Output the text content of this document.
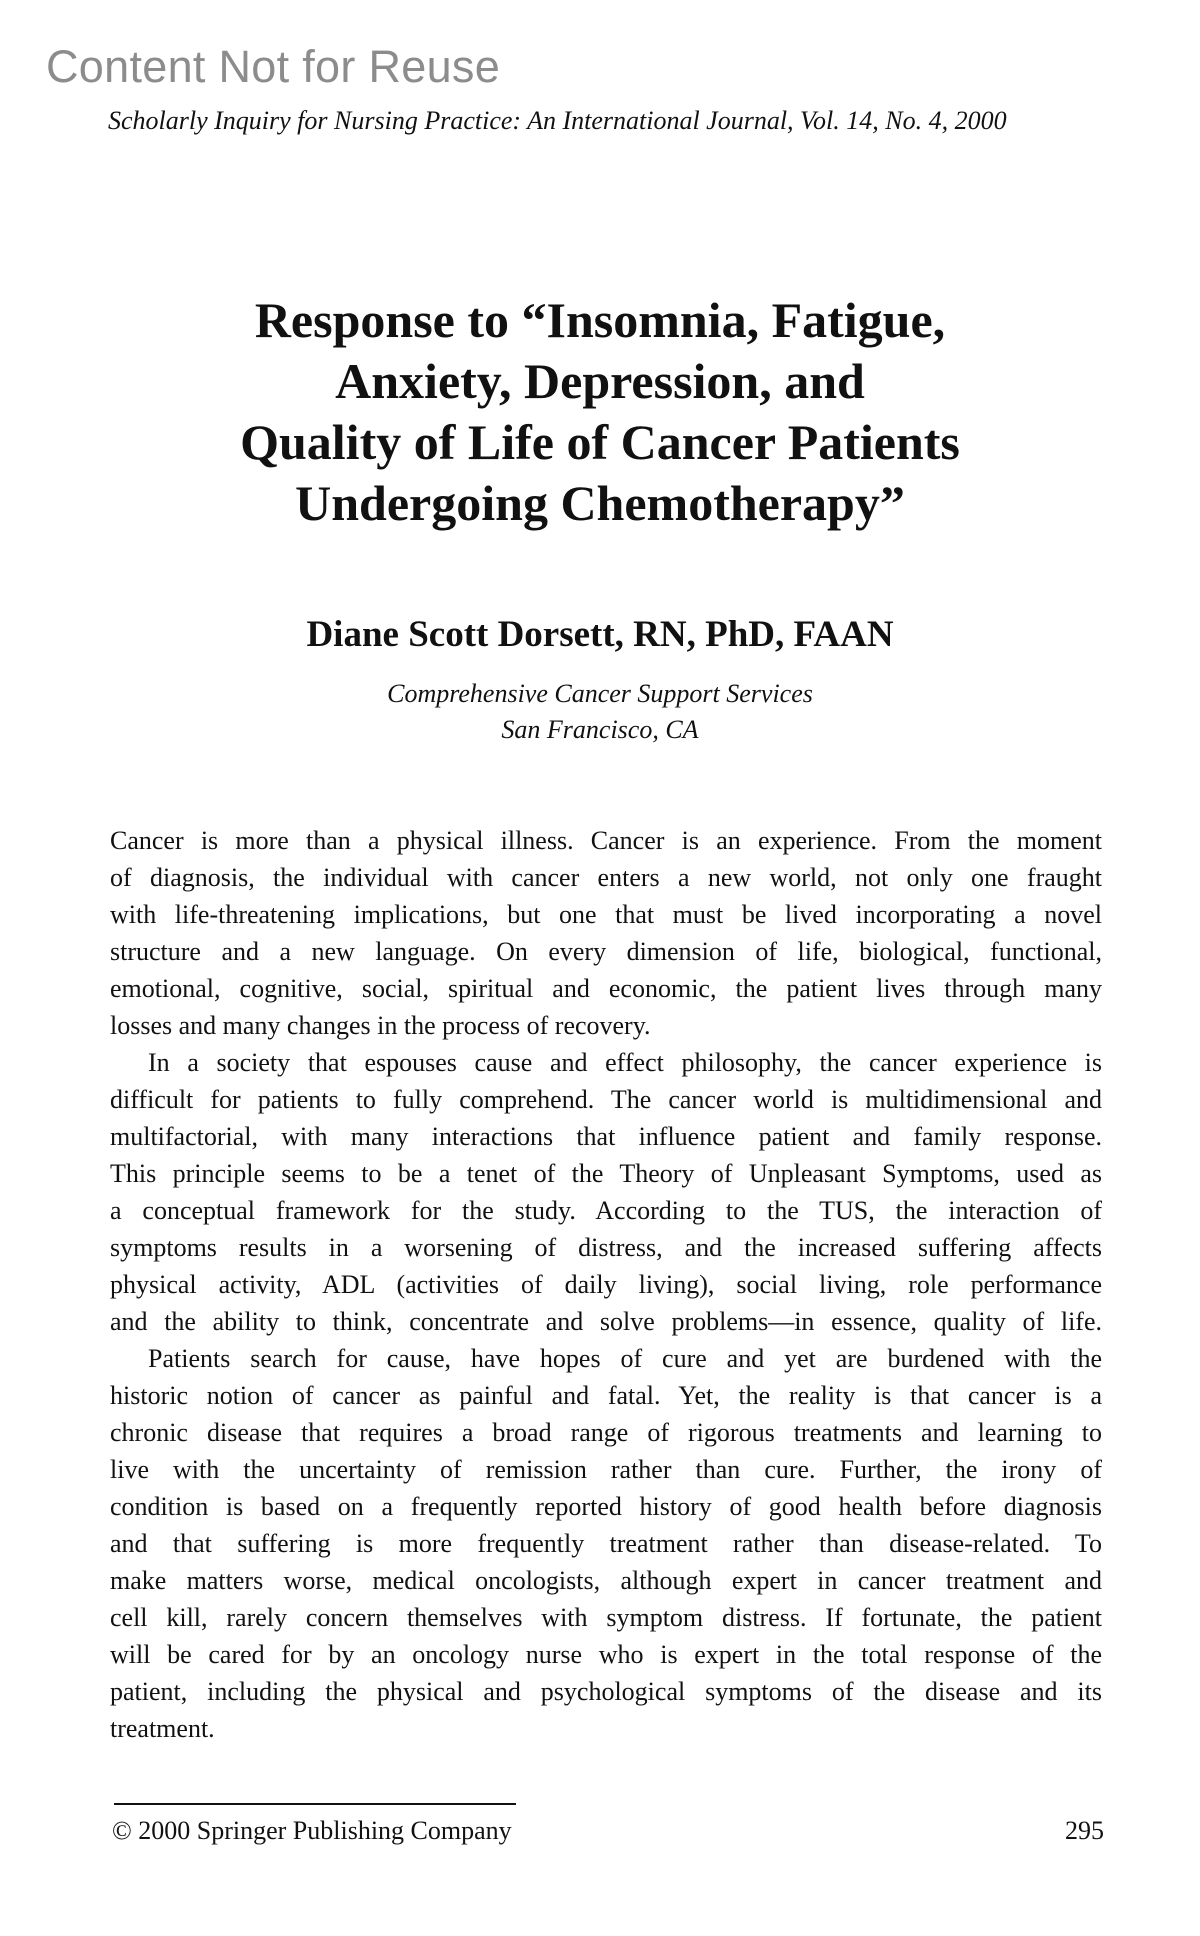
Content Not for Reuse
Scholarly Inquiry for Nursing Practice: An International Journal, Vol. 14, No. 4, 2000
Response to “Insomnia, Fatigue,
Anxiety, Depression, and
Quality of Life of Cancer Patients
Undergoing Chemotherapy”
Diane Scott Dorsett, RN, PhD, FAAN
Comprehensive Cancer Support Services
San Francisco, CA
Cancer is more than a physical illness. Cancer is an experience. From the moment
of diagnosis, the individual with cancer enters a new world, not only one fraught
with life-threatening implications, but one that must be lived incorporating a novel
structure and a new language. On every dimension of life, biological, functional,
emotional, cognitive, social, spiritual and economic, the patient lives through many
losses and many changes in the process of recovery.
In a society that espouses cause and effect philosophy, the cancer experience is
difficult for patients to fully comprehend. The cancer world is multidimensional and
multifactorial, with many interactions that influence patient and family response.
This principle seems to be a tenet of the Theory of Unpleasant Symptoms, used as
a conceptual framework for the study. According to the TUS, the interaction of
symptoms results in a worsening of distress, and the increased suffering affects
physical activity, ADL (activities of daily living), social living, role performance
and the ability to think, concentrate and solve problems—in essence, quality of life.
Patients search for cause, have hopes of cure and yet are burdened with the
historic notion of cancer as painful and fatal. Yet, the reality is that cancer is a
chronic disease that requires a broad range of rigorous treatments and learning to
live with the uncertainty of remission rather than cure. Further, the irony of
condition is based on a frequently reported history of good health before diagnosis
and that suffering is more frequently treatment rather than disease-related. To
make matters worse, medical oncologists, although expert in cancer treatment and
cell kill, rarely concern themselves with symptom distress. If fortunate, the patient
will be cared for by an oncology nurse who is expert in the total response of the
patient, including the physical and psychological symptoms of the disease and its
treatment.
© 2000 Springer Publishing Company	295
